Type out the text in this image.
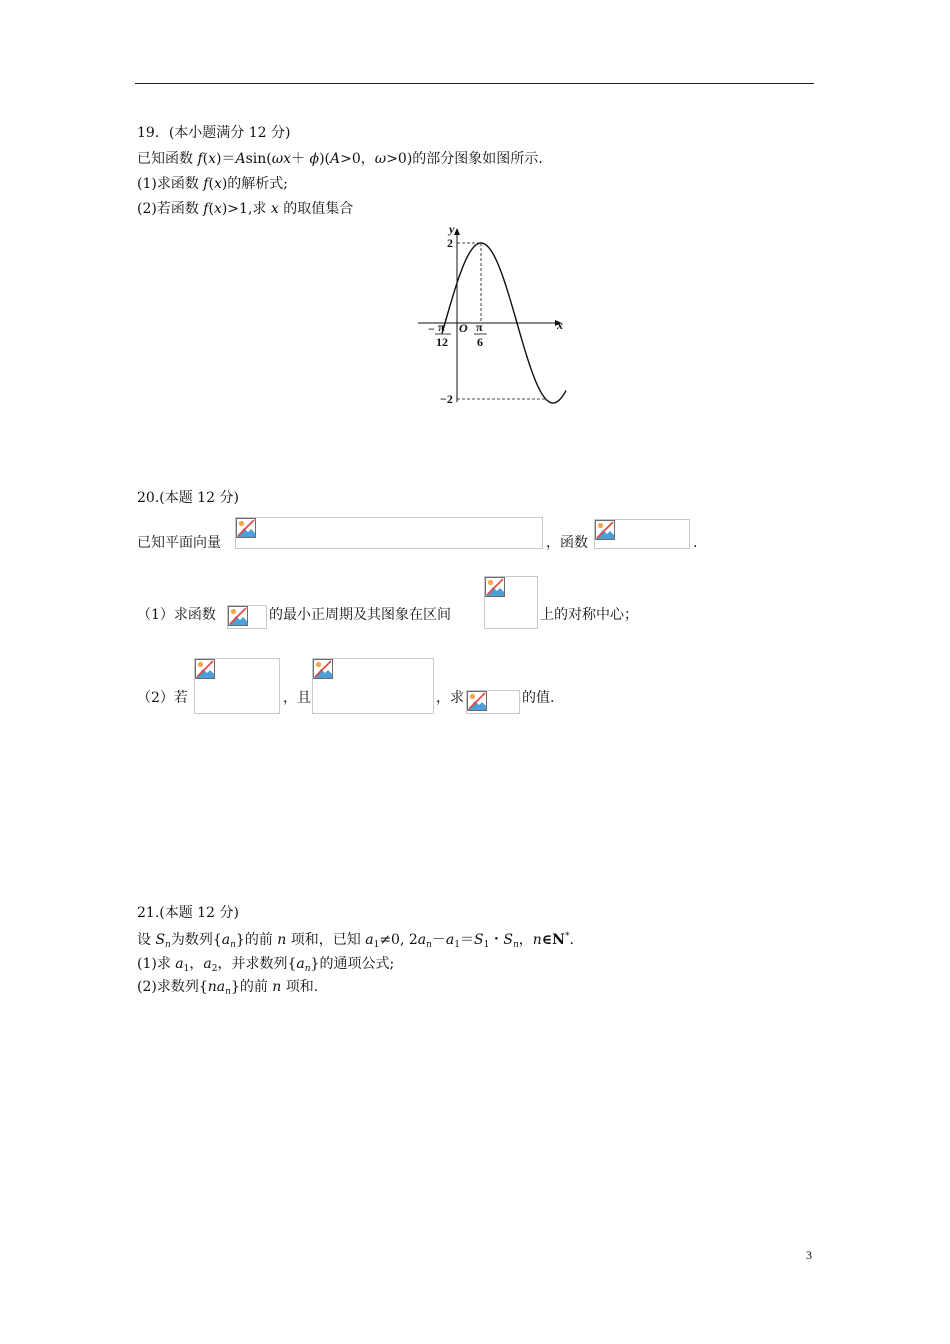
19．(本小题满分 12 分)
已知函数 f(x)＝Asin(ωx＋ ϕ)(A>0，ω>0)的部分图象如图所示.
(1)求函数 f(x)的解析式;
(2)若函数 f(x)>1,求 x 的取值集合
y
x
O
2
−2
− π
12
π
6
20.(本题 12 分)
已知平面向量	，函数	.
（1）求函数	的最小正周期及其图象在区间	上的对称中心；
（2）若	，且	，求	的值.
21.(本题 12 分)
设 $S_n$为数列$\{a_n\}$的前 n 项和，已知 $a_1\ne 0$, $2a_n-a_1=S_1$・$S_n$，n∈N*.
(1)求 $a_1$，$a_2$，并求数列$\{a_n\}$的通项公式;
(2)求数列$\{na_n\}$的前 n 项和.
3
